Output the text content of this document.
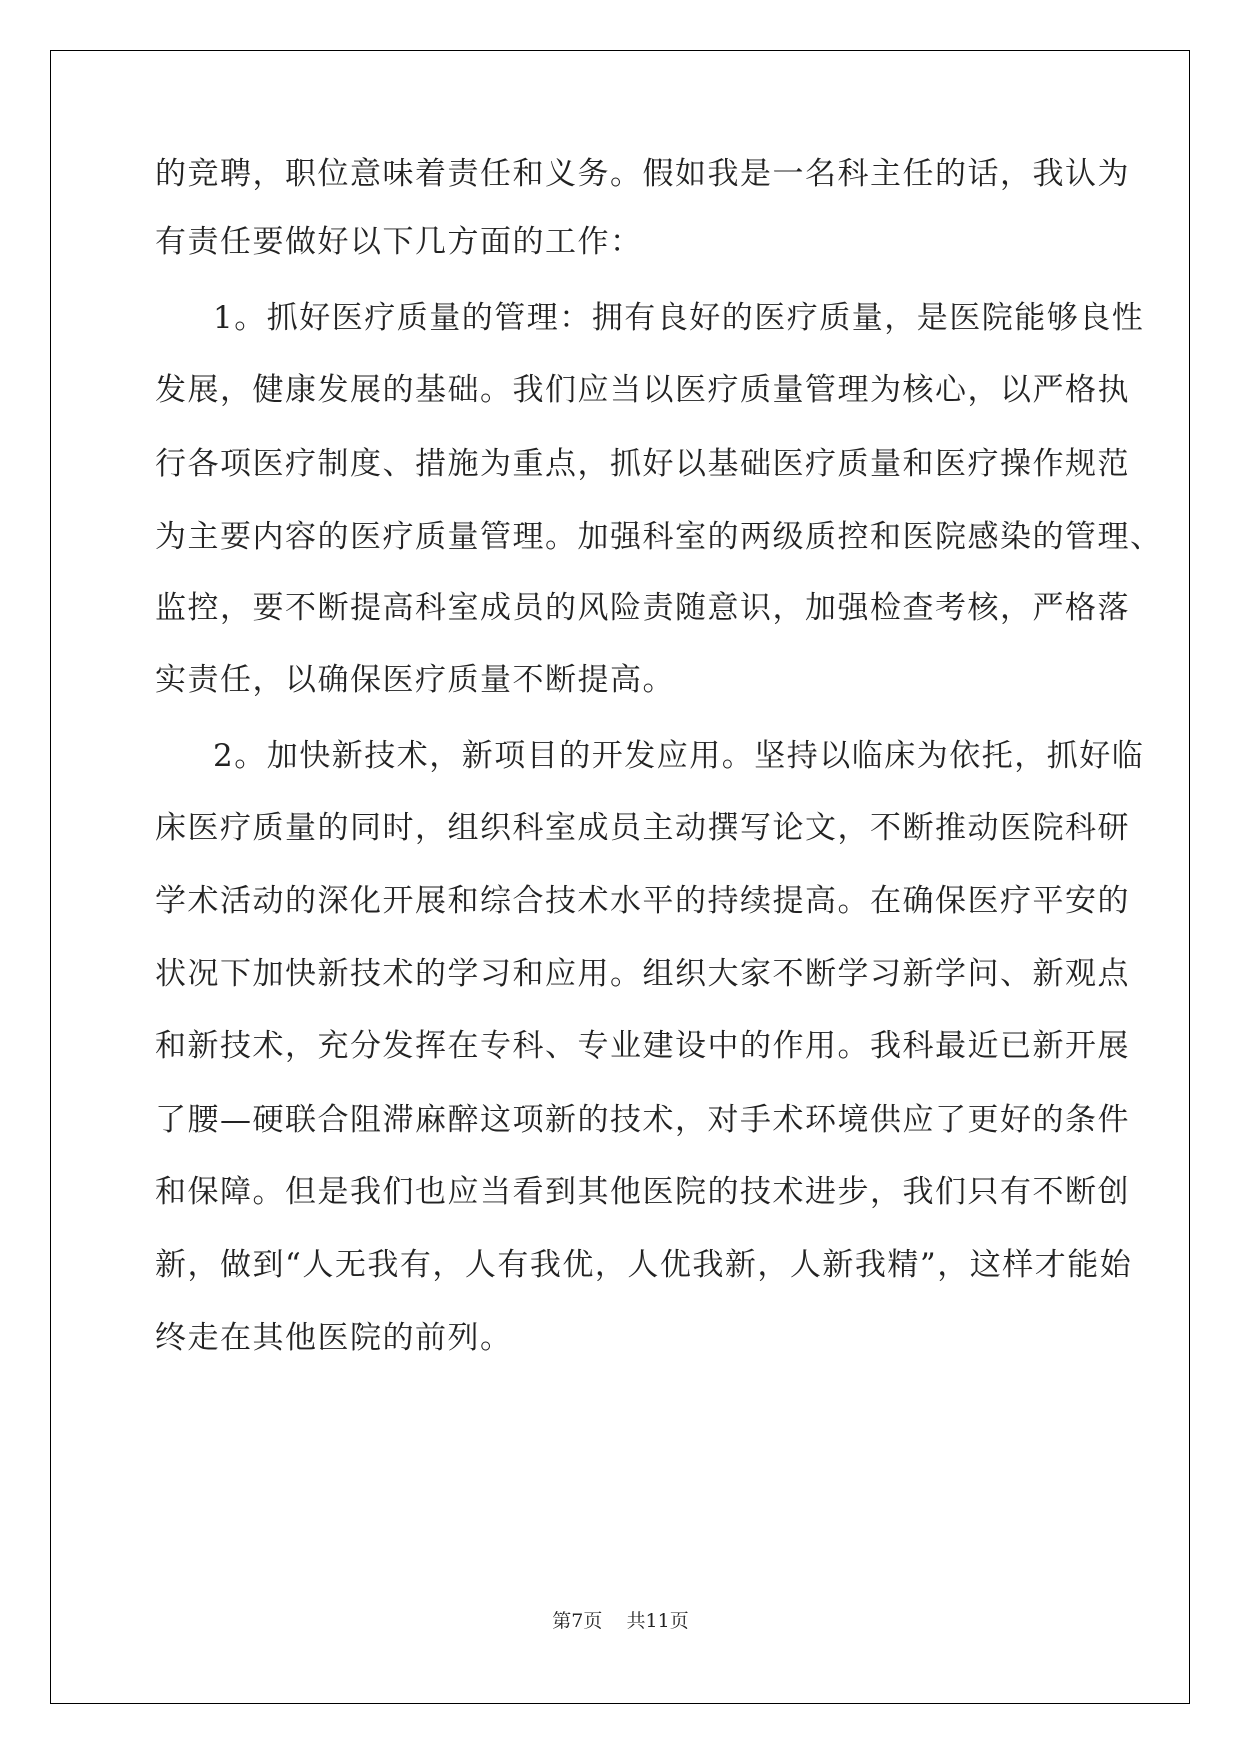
的竞聘，职位意味着责任和义务。假如我是一名科主任的话，我认为
有责任要做好以下几方面的工作：
1。抓好医疗质量的管理：拥有良好的医疗质量，是医院能够良性
发展，健康发展的基础。我们应当以医疗质量管理为核心，以严格执
行各项医疗制度、措施为重点，抓好以基础医疗质量和医疗操作规范
为主要内容的医疗质量管理。加强科室的两级质控和医院感染的管理、
监控，要不断提高科室成员的风险责随意识，加强检查考核，严格落
实责任，以确保医疗质量不断提高。
2。加快新技术，新项目的开发应用。坚持以临床为依托，抓好临
床医疗质量的同时，组织科室成员主动撰写论文，不断推动医院科研
学术活动的深化开展和综合技术水平的持续提高。在确保医疗平安的
状况下加快新技术的学习和应用。组织大家不断学习新学问、新观点
和新技术，充分发挥在专科、专业建设中的作用。我科最近已新开展
了腰—硬联合阻滞麻醉这项新的技术，对手术环境供应了更好的条件
和保障。但是我们也应当看到其他医院的技术进步，我们只有不断创
新，做到“人无我有，人有我优，人优我新，人新我精”，这样才能始
终走在其他医院的前列。
第7页    共11页
